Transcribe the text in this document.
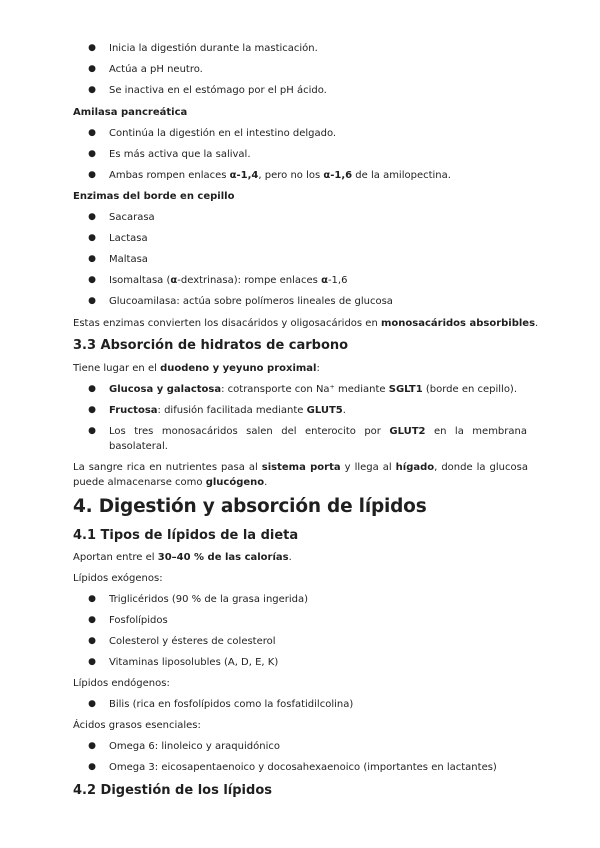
● Inicia la digestión durante la masticación.
● Actúa a pH neutro.
● Se inactiva en el estómago por el pH ácido.
Amilasa pancreática
● Continúa la digestión en el intestino delgado.
● Es más activa que la salival.
● Ambas rompen enlaces α-1,4, pero no los α-1,6 de la amilopectina.
Enzimas del borde en cepillo
● Sacarasa
● Lactasa
● Maltasa
● Isomaltasa (α-dextrinasa): rompe enlaces α-1,6
● Glucoamilasa: actúa sobre polímeros lineales de glucosa
Estas enzimas convierten los disacáridos y oligosacáridos en monosacáridos absorbibles.
3.3 Absorción de hidratos de carbono
Tiene lugar en el duodeno y yeyuno proximal:
● Glucosa y galactosa: cotransporte con Na⁺ mediante SGLT1 (borde en cepillo).
● Fructosa: difusión facilitada mediante GLUT5.
● Los tres monosacáridos salen del enterocito por GLUT2 en la membrana
basolateral.
La sangre rica en nutrientes pasa al sistema porta y llega al hígado, donde la glucosa
puede almacenarse como glucógeno.
4. Digestión y absorción de lípidos
4.1 Tipos de lípidos de la dieta
Aportan entre el 30–40 % de las calorías.
Lípidos exógenos:
● Triglicéridos (90 % de la grasa ingerida)
● Fosfolípidos
● Colesterol y ésteres de colesterol
● Vitaminas liposolubles (A, D, E, K)
Lípidos endógenos:
● Bilis (rica en fosfolípidos como la fosfatidilcolina)
Ácidos grasos esenciales:
● Omega 6: linoleico y araquidónico
● Omega 3: eicosapentaenoico y docosahexaenoico (importantes en lactantes)
4.2 Digestión de los lípidos
